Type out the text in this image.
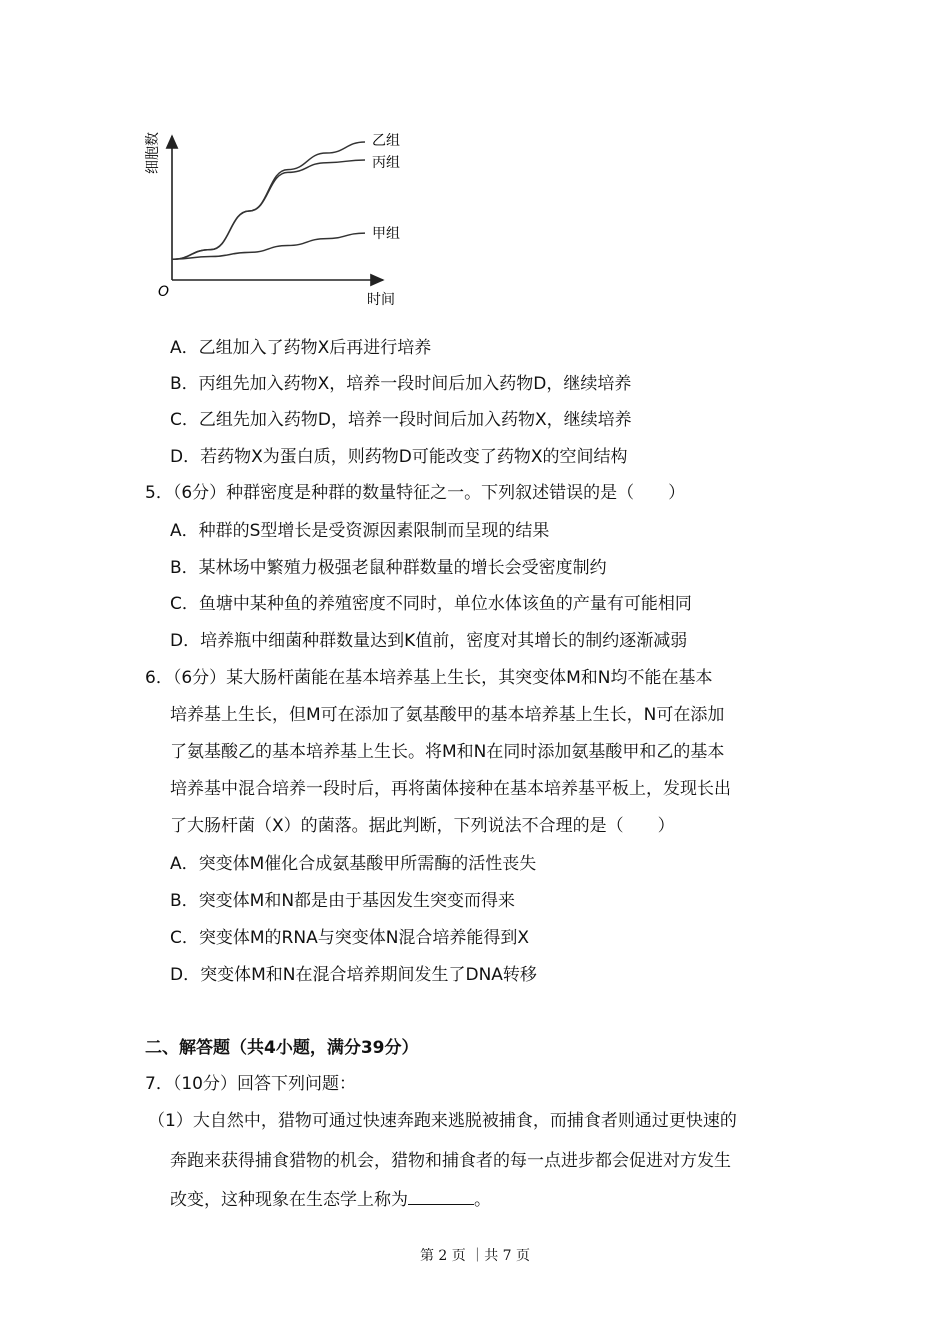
细胞数
O	时间
乙组
丙组
甲组
A．乙组加入了药物X后再进行培养
B．丙组先加入药物X，培养一段时间后加入药物D，继续培养
C．乙组先加入药物D，培养一段时间后加入药物X，继续培养
D．若药物X为蛋白质，则药物D可能改变了药物X的空间结构
5．（6分）种群密度是种群的数量特征之一。下列叙述错误的是（　　）
A．种群的S型增长是受资源因素限制而呈现的结果
B．某林场中繁殖力极强老鼠种群数量的增长会受密度制约
C．鱼塘中某种鱼的养殖密度不同时，单位水体该鱼的产量有可能相同
D．培养瓶中细菌种群数量达到K值前，密度对其增长的制约逐渐减弱
6．（6分）某大肠杆菌能在基本培养基上生长，其突变体M和N均不能在基本
培养基上生长，但M可在添加了氨基酸甲的基本培养基上生长，N可在添加
了氨基酸乙的基本培养基上生长。将M和N在同时添加氨基酸甲和乙的基本
培养基中混合培养一段时后，再将菌体接种在基本培养基平板上，发现长出
了大肠杆菌（X）的菌落。据此判断，下列说法不合理的是（　　）
A．突变体M催化合成氨基酸甲所需酶的活性丧失
B．突变体M和N都是由于基因发生突变而得来
C．突变体M的RNA与突变体N混合培养能得到X
D．突变体M和N在混合培养期间发生了DNA转移
二、解答题（共4小题，满分39分）
7．（10分）回答下列问题：
（1）大自然中，猎物可通过快速奔跑来逃脱被捕食，而捕食者则通过更快速的
奔跑来获得捕食猎物的机会，猎物和捕食者的每一点进步都会促进对方发生
改变，这种现象在生态学上称为	。
第 2 页 ｜共 7 页
